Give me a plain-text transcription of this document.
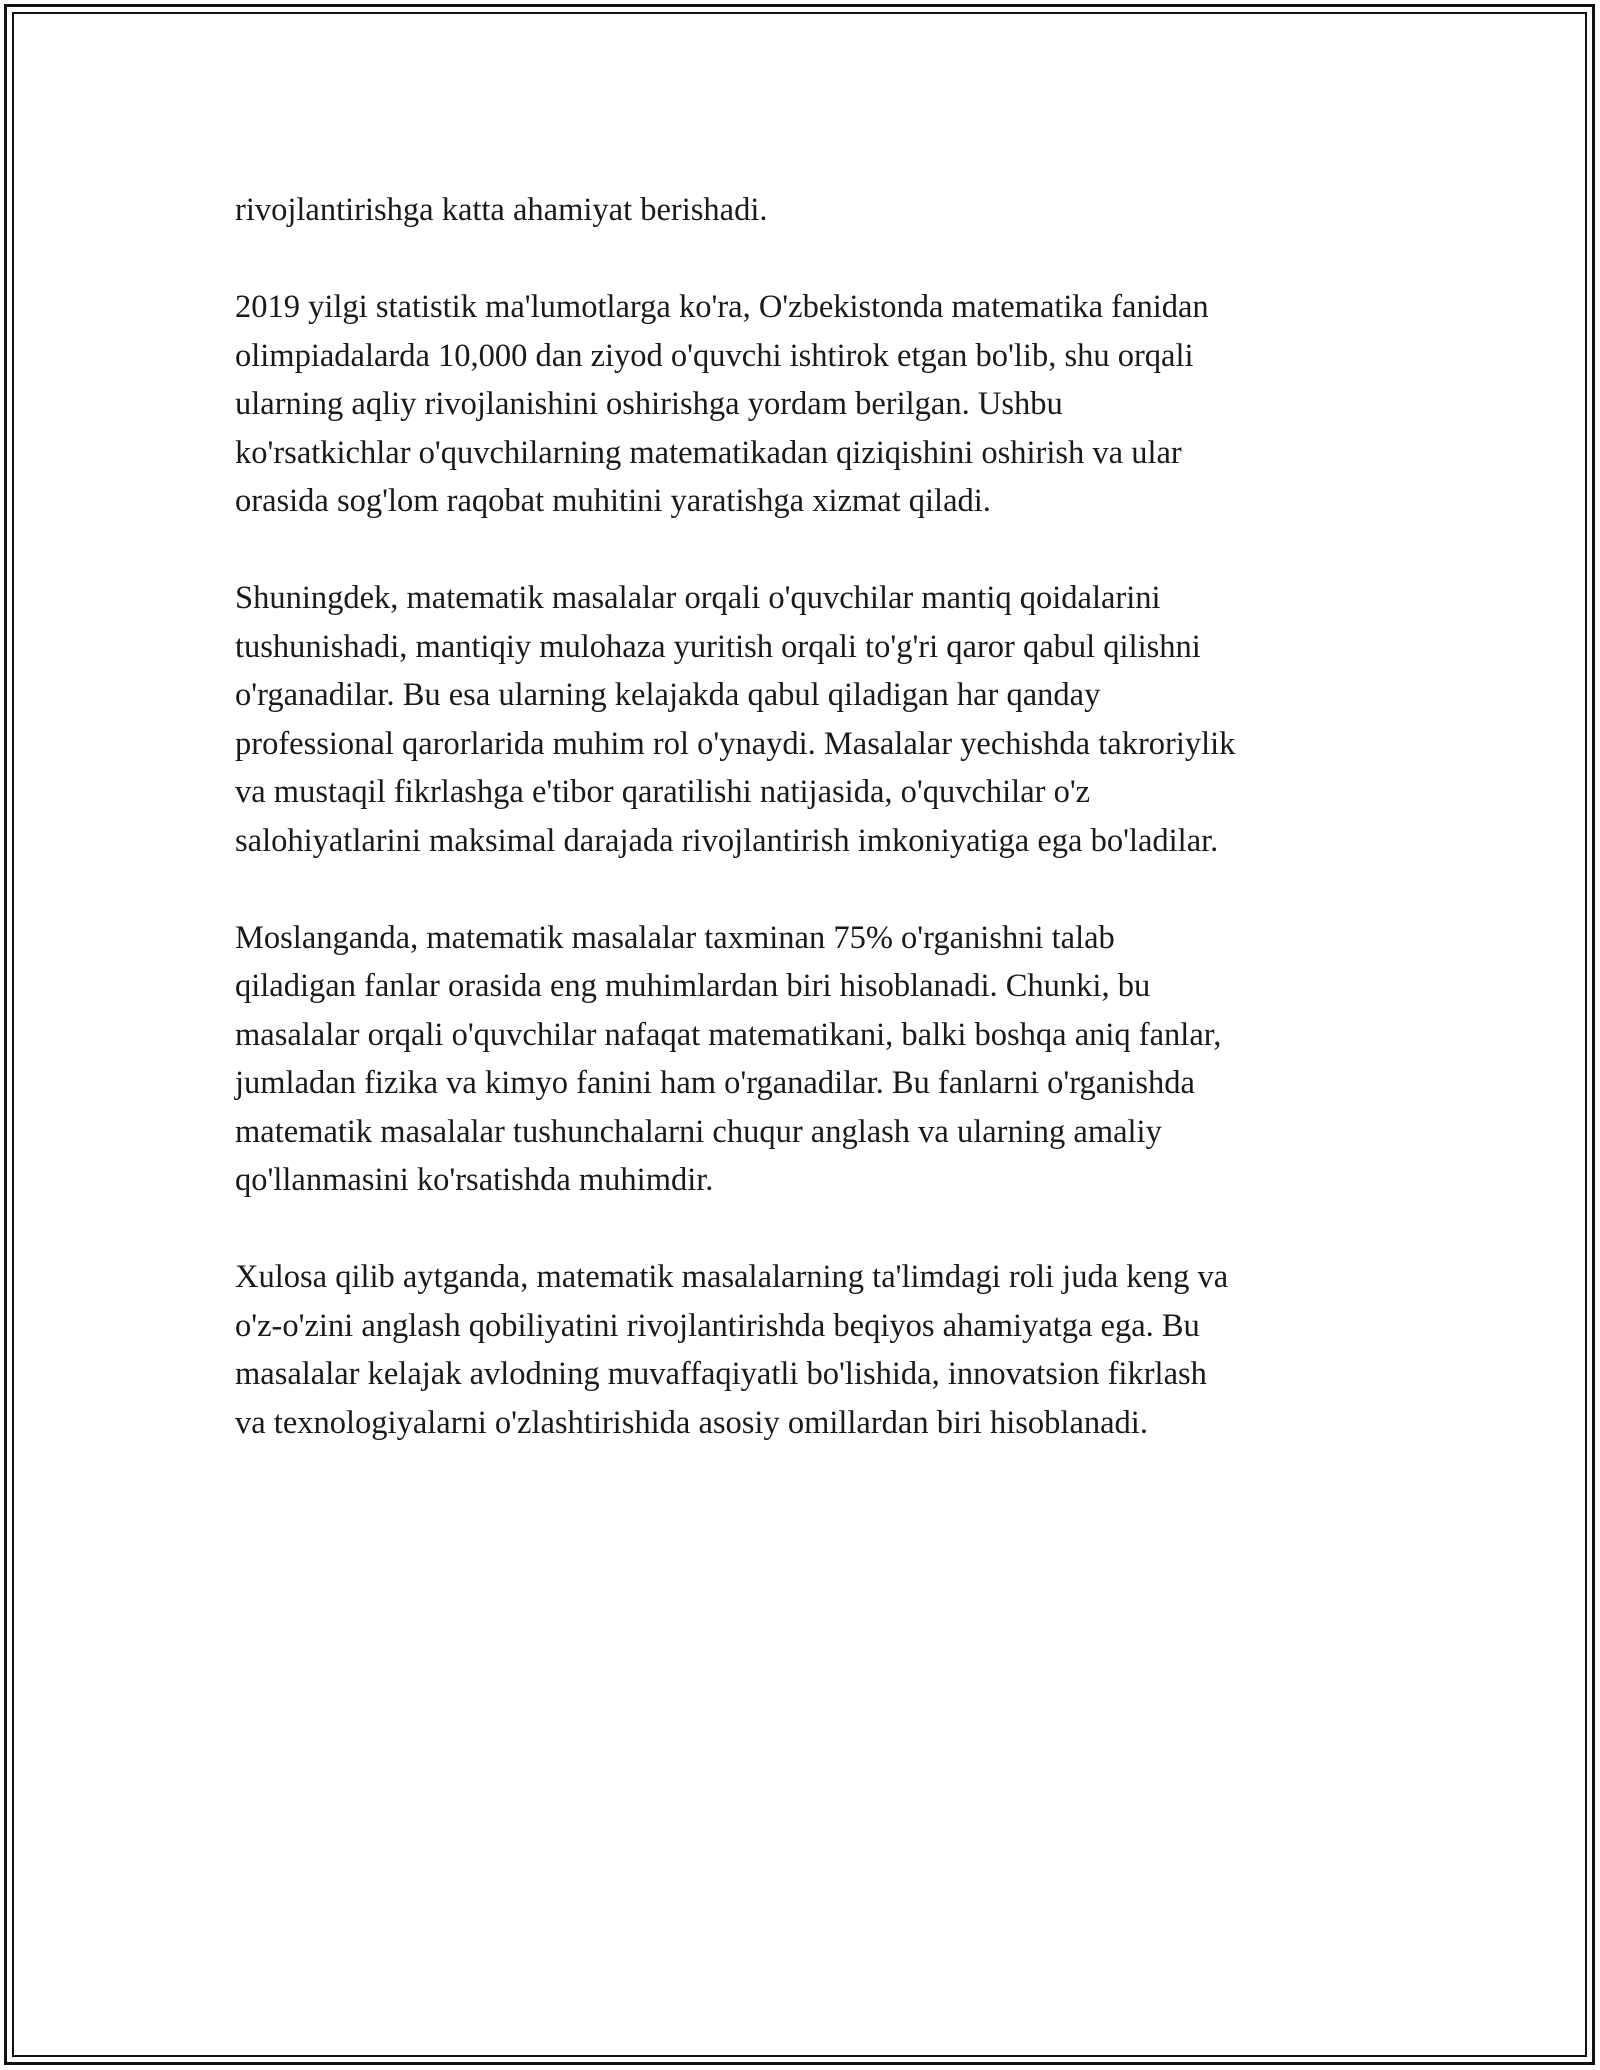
rivojlantirishga katta ahamiyat berishadi.

2019 yilgi statistik ma'lumotlarga ko'ra, O'zbekistonda matematika fanidan
olimpiadalarda 10,000 dan ziyod o'quvchi ishtirok etgan bo'lib, shu orqali
ularning aqliy rivojlanishini oshirishga yordam berilgan. Ushbu
ko'rsatkichlar o'quvchilarning matematikadan qiziqishini oshirish va ular
orasida sog'lom raqobat muhitini yaratishga xizmat qiladi.

Shuningdek, matematik masalalar orqali o'quvchilar mantiq qoidalarini
tushunishadi, mantiqiy mulohaza yuritish orqali to'g'ri qaror qabul qilishni
o'rganadilar. Bu esa ularning kelajakda qabul qiladigan har qanday
professional qarorlarida muhim rol o'ynaydi. Masalalar yechishda takroriylik
va mustaqil fikrlashga e'tibor qaratilishi natijasida, o'quvchilar o'z
salohiyatlarini maksimal darajada rivojlantirish imkoniyatiga ega bo'ladilar.

Moslanganda, matematik masalalar taxminan 75% o'rganishni talab
qiladigan fanlar orasida eng muhimlardan biri hisoblanadi. Chunki, bu
masalalar orqali o'quvchilar nafaqat matematikani, balki boshqa aniq fanlar,
jumladan fizika va kimyo fanini ham o'rganadilar. Bu fanlarni o'rganishda
matematik masalalar tushunchalarni chuqur anglash va ularning amaliy
qo'llanmasini ko'rsatishda muhimdir.

Xulosa qilib aytganda, matematik masalalarning ta'limdagi roli juda keng va
o'z-o'zini anglash qobiliyatini rivojlantirishda beqiyos ahamiyatga ega. Bu
masalalar kelajak avlodning muvaffaqiyatli bo'lishida, innovatsion fikrlash
va texnologiyalarni o'zlashtirishida asosiy omillardan biri hisoblanadi.
